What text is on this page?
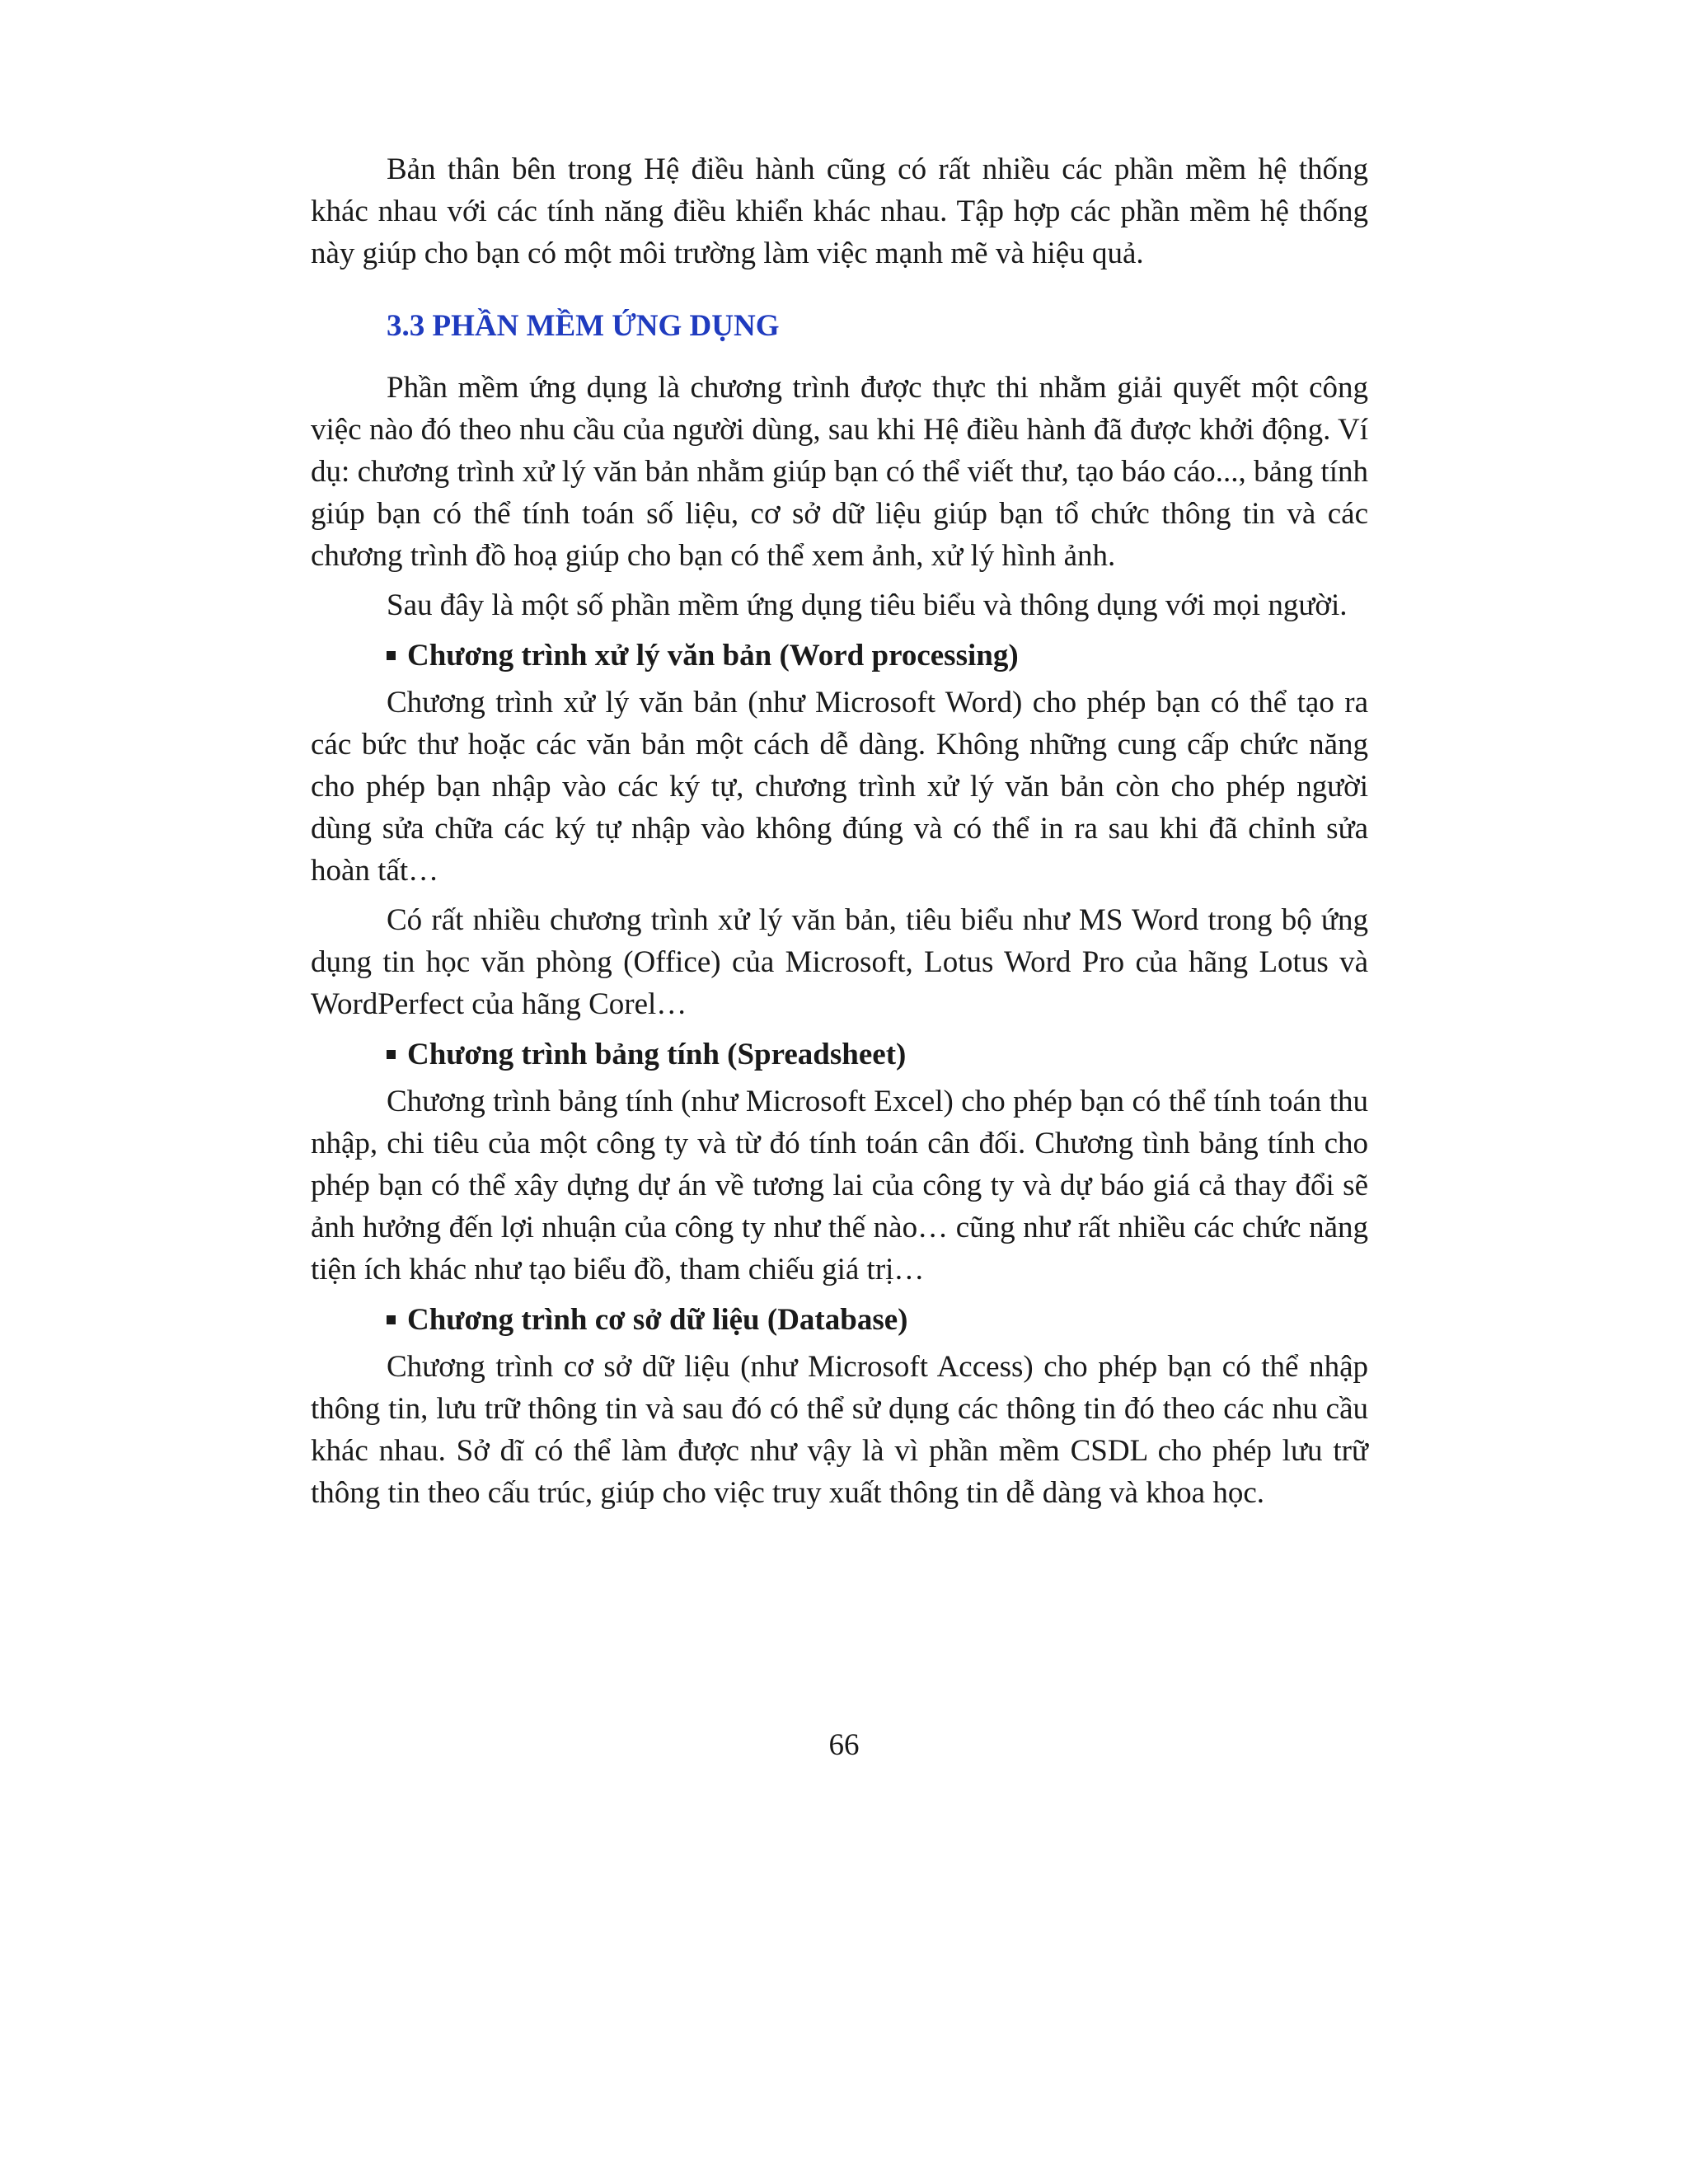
Bản thân bên trong Hệ điều hành cũng có rất nhiều các phần mềm hệ thống khác nhau với các tính năng điều khiển khác nhau. Tập hợp các phần mềm hệ thống này giúp cho bạn có một môi trường làm việc mạnh mẽ và hiệu quả.

3.3 PHẦN MỀM ỨNG DỤNG

Phần mềm ứng dụng là chương trình được thực thi nhằm giải quyết một công việc nào đó theo nhu cầu của người dùng, sau khi Hệ điều hành đã được khởi động. Ví dụ: chương trình xử lý văn bản nhằm giúp bạn có thể viết thư, tạo báo cáo..., bảng tính giúp bạn có thể tính toán số liệu, cơ sở dữ liệu giúp bạn tổ chức thông tin và các chương trình đồ hoạ giúp cho bạn có thể xem ảnh, xử lý hình ảnh.

Sau đây là một số phần mềm ứng dụng tiêu biểu và thông dụng với mọi người.

Chương trình xử lý văn bản (Word processing)

Chương trình xử lý văn bản (như Microsoft Word) cho phép bạn có thể tạo ra các bức thư hoặc các văn bản một cách dễ dàng. Không những cung cấp chức năng cho phép bạn nhập vào các ký tự, chương trình xử lý văn bản còn cho phép người dùng sửa chữa các ký tự nhập vào không đúng và có thể in ra sau khi đã chỉnh sửa hoàn tất…

Có rất nhiều chương trình xử lý văn bản, tiêu biểu như MS Word trong bộ ứng dụng tin học văn phòng (Office) của Microsoft, Lotus Word Pro của hãng Lotus và WordPerfect của hãng Corel…

Chương trình bảng tính (Spreadsheet)

Chương trình bảng tính (như Microsoft Excel) cho phép bạn có thể tính toán thu nhập, chi tiêu của một công ty và từ đó tính toán cân đối. Chương tình bảng tính cho phép bạn có thể xây dựng dự án về tương lai của công ty và dự báo giá cả thay đổi sẽ ảnh hưởng đến lợi nhuận của công ty như thế nào… cũng như rất nhiều các chức năng tiện ích khác như tạo biểu đồ, tham chiếu giá trị…

Chương trình cơ sở dữ liệu (Database)

Chương trình cơ sở dữ liệu (như Microsoft Access) cho phép bạn có thể nhập thông tin, lưu trữ thông tin và sau đó có thể sử dụng các thông tin đó theo các nhu cầu khác nhau. Sở dĩ có thể làm được như vậy là vì phần mềm CSDL cho phép lưu trữ thông tin theo cấu trúc, giúp cho việc truy xuất thông tin dễ dàng và khoa học.

66
